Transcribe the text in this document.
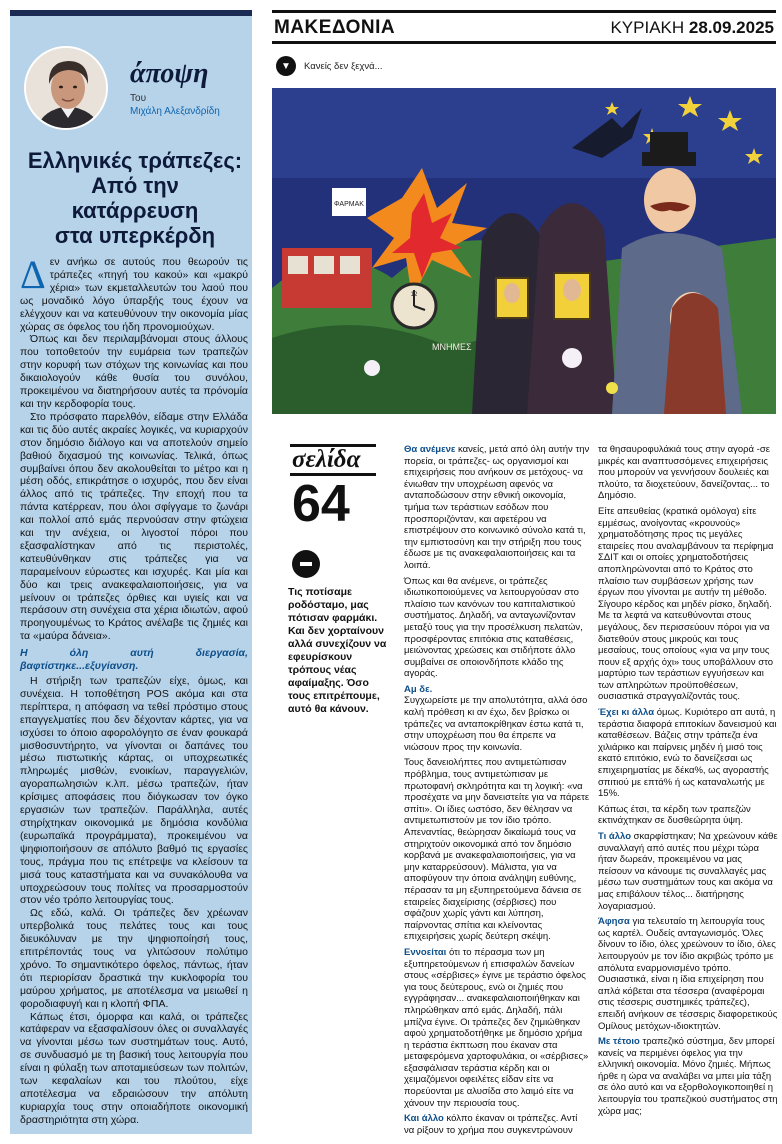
άποψη
Του
Μιχάλη Αλεξανδρίδη
Ελληνικές τράπεζες:
Από την
κατάρρευση
στα υπερκέρδη

Δεν ανήκω σε αυτούς που θεωρούν τις τράπεζες «πηγή του κακού» και «μακρύ χέρια» των εκμεταλλευτών του λαού που ως μοναδικό λόγο ύπαρξής τους έχουν να ελέγχουν και να κατευθύνουν την οικονομία μίας χώρας σε όφελος του ήδη προνομιούχων.

Όπως και δεν περιλαμβάνομαι στους άλλους που τοποθετούν την ευμάρεια των τραπεζών στην κορυφή των στόχων της κοινωνίας και που δικαιολογούν κάθε θυσία του συνόλου, προκειμένου να διατηρήσουν αυτές τα πρόνομία και την κερδοφορία τους.

Στο πρόσφατο παρελθόν, είδαμε στην Ελλάδα και τις δύο αυτές ακραίες λογικές, να κυριαρχούν στον δημόσιο διάλογο και να αποτελούν σημείο βαθιού διχασμού της κοινωνίας. Τελικά, όπως συμβαίνει όπου δεν ακολουθείται το μέτρο και η μέση οδός, επικράτησε ο ισχυρός, που δεν είναι άλλος από τις τράπεζες. Την εποχή που τα πάντα κατέρρεαν, που όλοι σφίγγαμε το ζωνάρι και πολλοί από εμάς περνούσαν στην φτώχεια και την ανέχεια, οι λιγοστοί πόροι που εξασφαλίστηκαν από τις περιστολές, κατευθύνθηκαν στις τράπεζες για να παραμείνουν εύρωστες και ισχυρές. Και μία και δύο και τρεις ανακεφαλαιοποιήσεις, για να μείνουν οι τράπεζες όρθιες και υγιείς και να περάσουν στη συνέχεια στα χέρια ιδιωτών, αφού προηγουμένως το Κράτος ανέλαβε τις ζημιές και τα «μαύρα δάνεια».

Η όλη αυτή διεργασία, βαφτίστηκε...εξυγίανση.

Η στήριξη των τραπεζών είχε, όμως, και συνέχεια. Η τοποθέτηση POS ακόμα και στα περίπτερα, η απόφαση να τεθεί πρόστιμο στους επαγγελματίες που δεν δέχονταν κάρτες, για να ισχύσει το όποιο αφορολόγητο σε έναν φουκαρά μισθοσυντήρητο, να γίνονται οι δαπάνες του μέσω πιστωτικής κάρτας, οι υποχρεωτικές πληρωμές μισθών, ενοικίων, παραγγελιών, αγοραπωλησιών κ.λπ. μέσω τραπεζών, ήταν κρίσιμες αποφάσεις που διόγκωσαν τον όγκο εργασιών των τραπεζών. Παράλληλα, αυτές στηρίχτηκαν οικονομικά με δημόσια κονδύλια (ευρωπαϊκά προγράμματα), προκειμένου να ψηφιοποιήσουν σε απόλυτο βαθμό τις εργασίες τους, πράγμα που τις επέτρεψε να κλείσουν τα μισά τους καταστήματα και να συνακόλουθα να υποχρεώσουν τους πολίτες να προσαρμοστούν στον νέο τρόπο λειτουργίας τους.

Ως εδώ, καλά. Οι τράπεζες δεν χρέωναν υπερβολικά τους πελάτες τους και τους διευκόλυναν με την ψηφιοποίησή τους, επιτρέποντάς τους να γλιτώσουν πολύτιμο χρόνο. Το σημαντικότερο όφελος, πάντως, ήταν ότι περιορίσαν δραστικά την κυκλοφορία του μαύρου χρήματος, με αποτέλεσμα να μειωθεί η φοροδιαφυγή και η κλοπή ΦΠΑ.

Κάπως έτσι, όμορφα και καλά, οι τράπεζες κατάφεραν να εξασφαλίσουν όλες οι συναλλαγές να γίνονται μέσω των συστημάτων τους. Αυτό, σε συνδυασμό με τη βασική τους λειτουργία που είναι η φύλαξη των αποταμιεύσεων των πολιτών, των κεφαλαίων και του πλούτου, είχε αποτέλεσμα να εδραιώσουν την απόλυτη κυριαρχία τους στην οποιαδήποτε οικονομική δραστηριότητα στη χώρα.

ΜΑΚΕΔΟΝΙΑ	ΚΥΡΙΑΚΗ 28.09.2025
▼	Κανείς δεν ξεχνά...
ΦΑΡΜΑΚ
12
ΜΝΗΜΕΣ
σελίδα
64
Τις ποτίσαμε ροδόσταμο, μας πότισαν φαρμάκι. Και δεν χορταίνουν αλλά συνεχίζουν να εφευρίσκουν τρόπους νέας αφαίμαξης. Όσο τους επιτρέπουμε, αυτό θα κάνουν.

Θα ανέμενε κανείς, μετά από όλη αυτήν την πορεία, οι τράπεζες- ως οργανισμοί και επιχειρήσεις που ανήκουν σε μετόχους- να ένιωθαν την υποχρέωση αφενός να ανταποδώσουν στην εθνική οικονομία, τμήμα των τεράστιων εσόδων που προσποριζόνταν, και αφετέρου να επιστρέψουν στο κοινωνικό σύνολο κατά τι, την εμπιστοσύνη και την στήριξη που τους έδωσε με τις ανακεφαλαιοποιήσεις και τα λοιπά.

Όπως και θα ανέμενε, οι τράπεζες ιδιωτικοποιούμενες να λειτουργούσαν στο πλαίσιο των κανόνων του καπιταλιστικού συστήματος. Δηλαδή, να ανταγωνίζονταν μεταξύ τους για την προσέλκυση πελατών, προσφέροντας επιτόκια στις καταθέσεις, μειώνοντας χρεώσεις και στιδήποτε άλλο συμβαίνει σε οποιονδήποτε κλάδο της αγοράς.

Αμ δε.
Συγχωρείστε με την απολυτότητα, αλλά όσο καλή πρόθεση κι αν έχω, δεν βρίσκω οι τράπεζες να ανταποκρίθηκαν έστω κατά τι, στην υποχρέωση που θα έπρεπε να νιώσουν προς την κοινωνία.

Τους δανειολήπτες που αντιμετώπισαν πρόβλημα, τους αντιμετώπισαν με πρωτοφανή σκληρότητα και τη λογική: «να προσέχατε να μην δανειστείτε για να πάρετε σπίτι». Οι ίδιες ωστόσο, δεν θέλησαν να αντιμετωπιστούν με τον ίδιο τρόπο. Απεναντίας, θεώρησαν δικαίωμά τους να στηριχτούν οικονομικά από τον δημόσιο κορβανά με ανακεφαλαιοποιήσεις, για να μην καταρρεύσουν). Μάλιστα, για να αποφύγουν την όποια ανάληψη ευθύνης, πέρασαν τα μη εξυπηρετούμενα δάνεια σε εταιρείες διαχείρισης (σέρβισες) που σφάζουν χωρίς γάντι και λύπηση, παίρνοντας σπίτια και κλείνοντας επιχειρήσεις χωρίς δεύτερη σκέψη.

Εννοείται ότι το πέρασμα των μη εξυπηρετούμενων ή επισφαλών δανείων στους «σέρβισες» έγινε με τεράστιο όφελος για τους δεύτερους, ενώ οι ζημιές που εγγράφησαν... ανακεφαλαιοποιήθηκαν και πληρώθηκαν από εμάς. Δηλαδή, πάλι μπίζνα έγινε. Οι τράπεζες δεν ζημιώθηκαν αφού χρηματοδοτήθηκε με δημόσιο χρήμα η τεράστια έκπτωση που έκαναν στα μεταφερόμενα χαρτοφυλάκια, οι «σέρβισες» εξασφάλισαν τεράστια κέρδη και οι χειμαζόμενοι οφειλέτες είδαν είτε να πορεύονται με αλυσίδα στο λαιμό είτε να χάνουν την περιουσία τους.

Και άλλο κόλπο έκαναν οι τράπεζες. Αντί να ρίξουν το χρήμα που συγκεντρώνουν

τα θησαυροφυλάκιά τους στην αγορά -σε μικρές και αναπτυσσόμενες επιχειρήσεις που μπορούν να γεννήσουν δουλειές και πλούτο, τα διοχετεύουν, δανείζοντας... το Δημόσιο.

Είτε απευθείας (κρατικά ομόλογα) είτε εμμέσως, ανοίγοντας «κρουνούς» χρηματοδότησης προς τις μεγάλες εταιρείες που αναλαμβάνουν τα περίφημα ΣΔΙΤ και οι οποίες χρηματοδοτήσεις αποπληρώνονται από το Κράτος στο πλαίσιο των συμβάσεων χρήσης των έργων που γίνονται με αυτήν τη μέθοδο. Σίγουρο κέρδος και μηδέν ρίσκο, δηλαδή. Με τα λεφτά να κατευθύνονται στους μεγάλους, δεν περισσεύουν πόροι για να διατεθούν στους μικρούς και τους μεσαίους, τους οποίους «για να μην τους πουν εξ αρχής όχι» τους υποβάλλουν στο μαρτύριο των τεράστιων εγγυήσεων και των απληρώτων προϋποθέσεων, ουσιαστικά στραγγαλίζοντάς τους.

Έχει κι άλλα όμως. Κυριότερο απ αυτά, η τεράστια διαφορά επιτοκίων δανεισμού και καταθέσεων. Βάζεις στην τράπεζα ένα χιλιάρικο και παίρνεις μηδέν ή μισό τοις εκατό επιτόκιο, ενώ το δανείζεσαι ως επιχειρηματίας με δέκα%, ως αγοραστής σπιτιού με επτά% ή ως καταναλωτής με 15%.

Κάπως έτσι, τα κέρδη των τραπεζών εκτινάχτηκαν σε δυσθεώρητα ύψη.

Τι άλλο σκαρφίστηκαν; Να χρεώνουν κάθε συναλλαγή από αυτές που μέχρι τώρα ήταν δωρεάν, προκειμένου να μας πείσουν να κάνουμε τις συναλλαγές μας μέσω των συστημάτων τους και ακόμα να μας επιβάλουν τέλος... διατήρησης λογαριασμού.

Άφησα για τελευταίο τη λειτουργία τους ως καρτέλ. Ουδείς ανταγωνισμός. Όλες δίνουν το ίδιο, όλες χρεώνουν το ίδιο, όλες λειτουργούν με τον ίδιο ακριβώς τρόπο με απόλυτα εναρμονισμένο τρόπο. Ουσιαστικά, είναι η ίδια επιχείρηση που απλά κόβεται στα τέσσερα (αναφέρομαι στις τέσσερις συστημικές τράπεζες), επειδή ανήκουν σε τέσσερις διαφορετικούς Ομίλους μετόχων-ιδιοκτητών.

Με τέτοιο τραπεζικό σύστημα, δεν μπορεί κανείς να περιμένει όφελος για την ελληνική οικονομία. Μόνο ζημιές. Μήπως ήρθε η ώρα να αναλάβει να μπει μία τάξη σε όλο αυτό και να εξορθολογικοποιηθεί η λειτουργία του τραπεζικού συστήματος στη χώρα μας;
